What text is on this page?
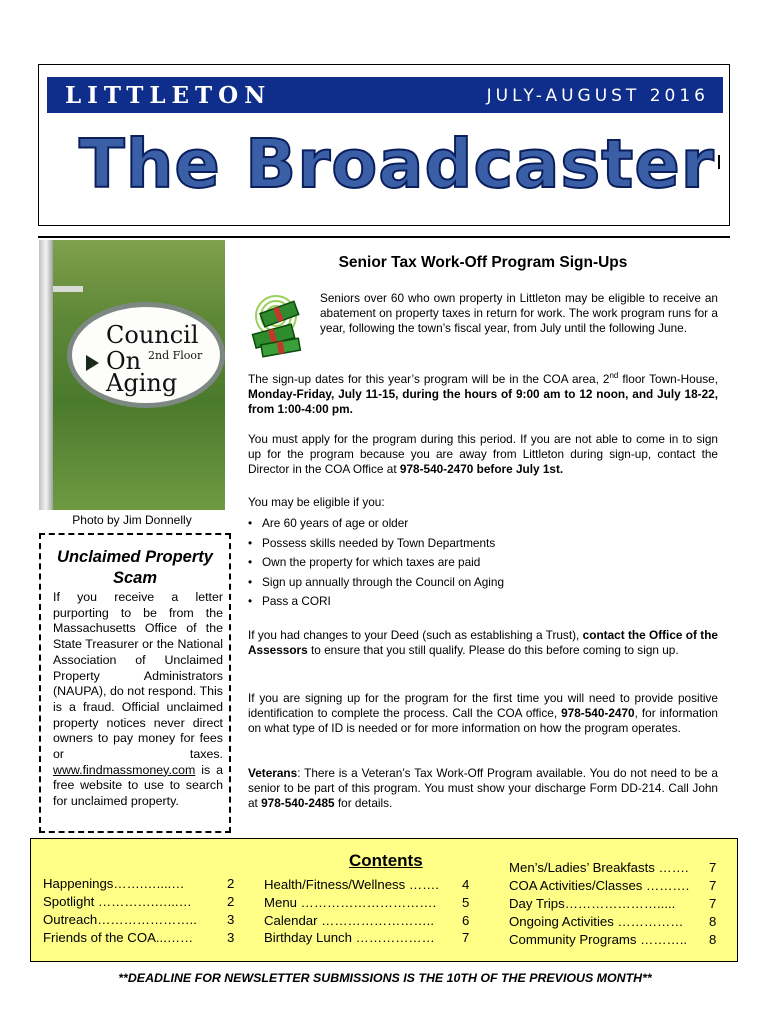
LITTLETON	JULY-AUGUST 2016
The Broadcaster
Council
On 2nd Floor
Aging
Photo by Jim Donnelly
Unclaimed Property Scam
If you receive a letter purporting to be from the Massachusetts Office of the State Treasurer or the National Association of Unclaimed Property Administrators (NAUPA), do not respond. This is a fraud. Official unclaimed property notices never direct owners to pay money for fees or taxes. www.findmassmoney.com is a free website to use to search for unclaimed property.
Senior Tax Work-Off Program Sign-Ups
Seniors over 60 who own property in Littleton may be eligible to receive an abatement on property taxes in return for work. The work program runs for a year, following the town’s fiscal year, from July until the following June.
The sign-up dates for this year’s program will be in the COA area, 2nd floor Town-House, Monday-Friday, July 11-15, during the hours of 9:00 am to 12 noon, and July 18-22, from 1:00-4:00 pm.
You must apply for the program during this period. If you are not able to come in to sign up for the program because you are away from Littleton during sign-up, contact the Director in the COA Office at 978-540-2470 before July 1st.
You may be eligible if you:
• Are 60 years of age or older
• Possess skills needed by Town Departments
• Own the property for which taxes are paid
• Sign up annually through the Council on Aging
• Pass a CORI
If you had changes to your Deed (such as establishing a Trust), contact the Office of the Assessors to ensure that you still qualify. Please do this before coming to sign up.
If you are signing up for the program for the first time you will need to provide positive identification to complete the process. Call the COA office, 978-540-2470, for information on what type of ID is needed or for more information on how the program operates.
Veterans: There is a Veteran’s Tax Work-Off Program available. You do not need to be a senior to be part of this program. You must show your discharge Form DD-214. Call John at 978-540-2485 for details.
Contents
Happenings…….…....…	2
Spotlight ………….…...…	2
Outreach………………….. 3
Friends of the COA...……	3
Health/Fitness/Wellness ……. 4
Menu …………………………. 5
Calendar …………………….. 6
Birthday Lunch ……………… 7
Men’s/Ladies’ Breakfasts ……. 7
COA Activities/Classes ………. 7
Day Trips………………….....	7
Ongoing Activities …………… 8
Community Programs ……….. 8
**DEADLINE FOR NEWSLETTER SUBMISSIONS IS THE 10TH OF THE PREVIOUS MONTH**
